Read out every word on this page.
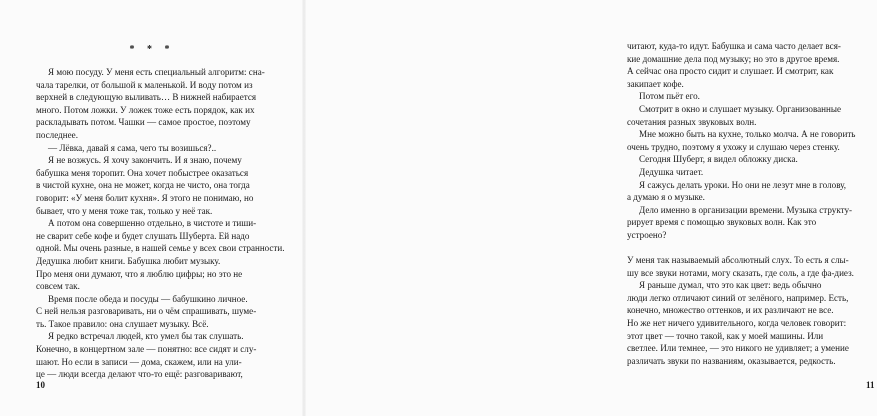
* * *
Я мою посуду. У меня есть специальный алгоритм: сна-
чала тарелки, от большой к маленькой. И воду потом из
верхней в следующую выливать… В нижней набирается
много. Потом ложки. У ложек тоже есть порядок, как их
раскладывать потом. Чашки — самое простое, поэтому
последнее.
— Лёвка, давай я сама, чего ты возишься?..
Я не возжусь. Я хочу закончить. И я знаю, почему
бабушка меня торопит. Она хочет побыстрее оказаться
в чистой кухне, она не может, когда не чисто, она тогда
говорит: «У меня болит кухня». Я этого не понимаю, но
бывает, что у меня тоже так, только у неё так.
А потом она совершенно отдельно, в чистоте и тиши-
не сварит себе кофе и будет слушать Шуберта. Ей надо
одной. Мы очень разные, в нашей семье у всех свои странности.
Дедушка любит книги. Бабушка любит музыку.
Про меня они думают, что я люблю цифры; но это не
совсем так.
Время после обеда и посуды — бабушкино личное.
С ней нельзя разговаривать, ни о чём спрашивать, шуме-
ть. Такое правило: она слушает музыку. Всё.
Я редко встречал людей, кто умел бы так слушать.
Конечно, в концертном зале — понятно: все сидят и слу-
шают. Но если в записи — дома, скажем, или на ули-
це — люди всегда делают что-то ещё: разговаривают,
10
читают, куда-то идут. Бабушка и сама часто делает вся-
кие домашние дела под музыку; но это в другое время.
А сейчас она просто сидит и слушает. И смотрит, как
закипает кофе.
Потом пьёт его.
Смотрит в окно и слушает музыку. Организованные
сочетания разных звуковых волн.
Мне можно быть на кухне, только молча. А не говорить
очень трудно, поэтому я ухожу и слушаю через стенку.
Сегодня Шуберт, я видел обложку диска.
Дедушка читает.
Я сажусь делать уроки. Но они не лезут мне в голову,
а думаю я о музыке.
Дело именно в организации времени. Музыка структу-
рирует время с помощью звуковых волн. Как это
устроено?
У меня так называемый абсолютный слух. То есть я слы-
шу все звуки нотами, могу сказать, где соль, а где фа-диез.
Я раньше думал, что это как цвет: ведь обычно
люди легко отличают синий от зелёного, например. Есть,
конечно, множество оттенков, и их различают не все.
Но же нет ничего удивительного, когда человек говорит:
этот цвет — точно такой, как у моей машины. Или
светлее. Или темнее, — это никого не удивляет; а умение
различать звуки по названиям, оказывается, редкость.
11
